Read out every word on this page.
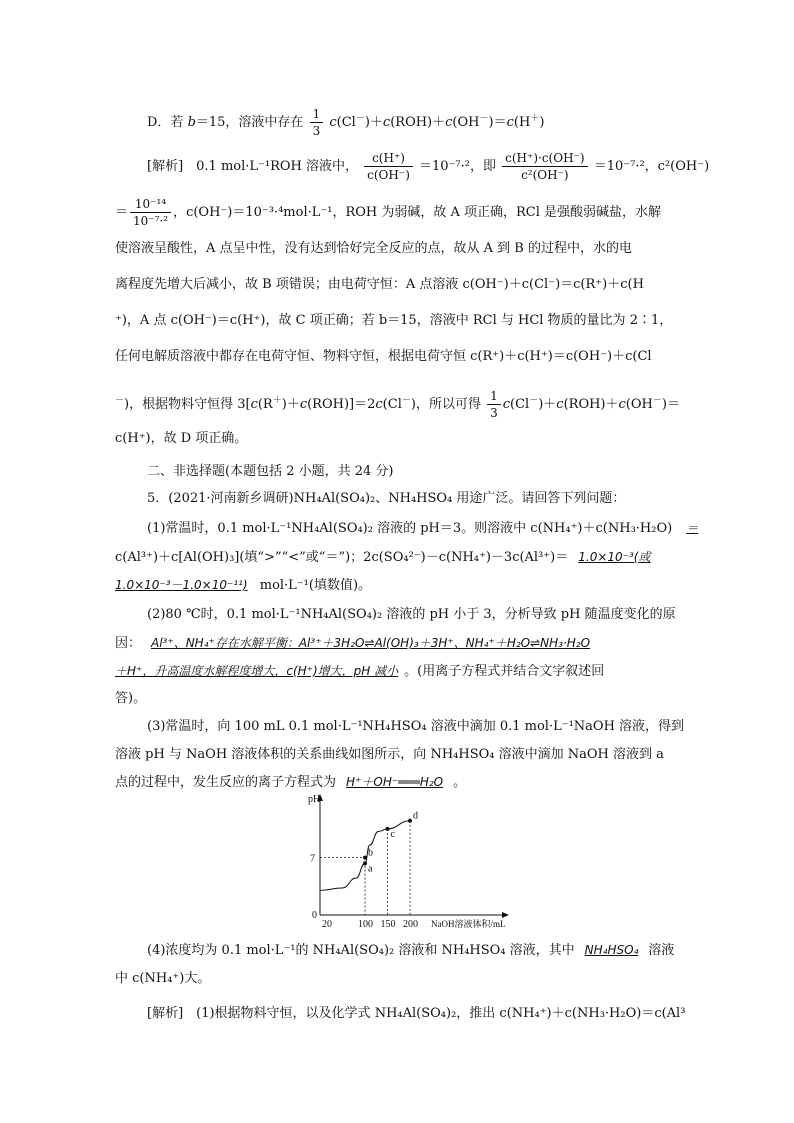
D．若 b＝15，溶液中存在 $\frac{1}{3} c(Cl^-)+c(ROH)+c(OH^-)=c(H^+)$
[解析]　0.1 mol·L⁻¹ROH 溶液中， $\frac{c(H^+)}{c(OH^-)} =10^{-7}\cdot^2$，即 $\frac{c(H^+)\cdot c(OH^-)}{\text{c²(OH⁻)}} =10^{-7}\cdot^2$，c²(OH⁻)
＝ $\frac{\text{10⁻¹⁴}}{\text{10⁻⁷·²}}$ ，c(OH⁻)＝10⁻³·⁴mol·L⁻¹，ROH 为弱碱，故 A 项正确，RCl 是强酸弱碱盐，水解
使溶液呈酸性，A 点呈中性，没有达到恰好完全反应的点，故从 A 到 B 的过程中，水的电
离程度先增大后减小，故 B 项错误；由电荷守恒：A 点溶液 c(OH⁻)＋c(Cl⁻)＝c(R⁺)＋c(H
⁺)，A 点 c(OH⁻)＝c(H⁺)，故 C 项正确；若 b＝15，溶液中 RCl 与 HCl 物质的量比为 2∶1，
任何电解质溶液中都存在电荷守恒、物料守恒，根据电荷守恒 c(R⁺)＋c(H⁺)＝c(OH⁻)＋c(Cl
－)，根据物料守恒得 3[c(R＋)＋c(ROH)]＝2c(Cl－)，所以可得 $\frac{1}{3} c(Cl^-)+c(ROH)+c(OH^-)=$
c(H⁺)，故 D 项正确。
二、非选择题(本题包括 2 小题，共 24 分)
5．(2021·河南新乡调研)NH₄Al(SO₄)₂、NH₄HSO₄ 用途广泛。请回答下列问题：
(1)常温时，0.1 mol·L⁻¹NH₄Al(SO₄)₂ 溶液的 pH＝3。则溶液中 c(NH₄⁺)＋c(NH₃·H₂O) ＝
c(Al³⁺)＋c[Al(OH)₃](填“>”“<”或“＝”)；2c(SO₄²⁻)－c(NH₄⁺)－3c(Al³⁺)＝ 1.0×10⁻³(或
1.0×10⁻³－1.0×10⁻¹¹) mol·L⁻¹(填数值)。
(2)80 ℃时，0.1 mol·L⁻¹NH₄Al(SO₄)₂ 溶液的 pH 小于 3，分析导致 pH 随温度变化的原
因： Al³⁺、NH₄⁺存在水解平衡：Al³⁺＋3H₂O⇌Al(OH)₃＋3H⁺、NH₄⁺＋H₂O⇌NH₃·H₂O
＋H⁺，升高温度水解程度增大，c(H⁺)增大，pH 减小 。(用离子方程式并结合文字叙述回
答)。
(3)常温时，向 100 mL 0.1 mol·L⁻¹NH₄HSO₄ 溶液中滴加 0.1 mol·L⁻¹NaOH 溶液，得到
溶液 pH 与 NaOH 溶液体积的关系曲线如图所示，向 NH₄HSO₄ 溶液中滴加 NaOH 溶液到 a
点的过程中，发生反应的离子方程式为 H⁺＋OH⁻═══H₂O 。
pH
NaOH溶液体积/mL
0
7
20	100 150 200
a
b
c
d
(4)浓度均为 0.1 mol·L⁻¹的 NH₄Al(SO₄)₂ 溶液和 NH₄HSO₄ 溶液，其中 NH₄HSO₄ 溶液
中 c(NH₄⁺)大。
[解析]　(1)根据物料守恒，以及化学式 NH₄Al(SO₄)₂，推出 c(NH₄⁺)＋c(NH₃·H₂O)＝c(Al³
